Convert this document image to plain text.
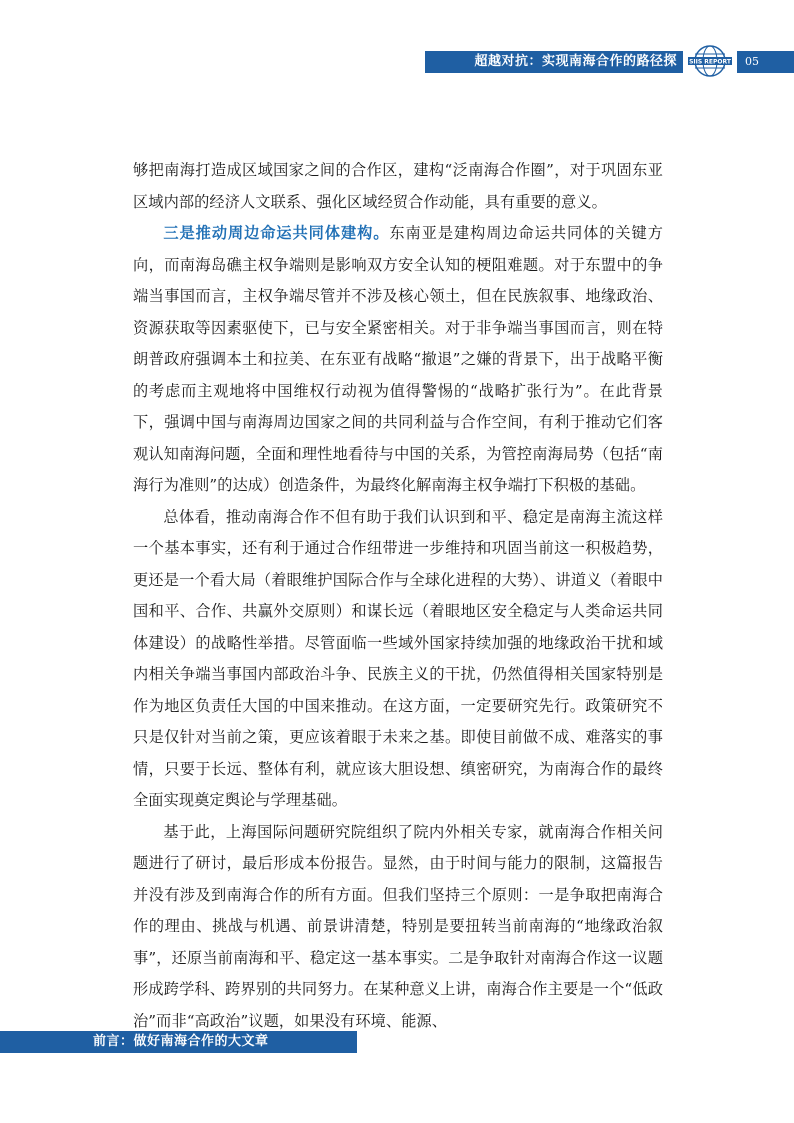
超越对抗：实现南海合作的路径探 SIIS REPORT	05

够把南海打造成区域国家之间的合作区，建构“泛南海合作圈”，对于巩固东亚区域内部的经济人文联系、强化区域经贸合作动能，具有重要的意义。

三是推动周边命运共同体建构。东南亚是建构周边命运共同体的关键方向，而南海岛礁主权争端则是影响双方安全认知的梗阻难题。对于东盟中的争端当事国而言，主权争端尽管并不涉及核心领土，但在民族叙事、地缘政治、资源获取等因素驱使下，已与安全紧密相关。对于非争端当事国而言，则在特朗普政府强调本土和拉美、在东亚有战略“撤退”之嫌的背景下，出于战略平衡的考虑而主观地将中国维权行动视为值得警惕的“战略扩张行为”。在此背景下，强调中国与南海周边国家之间的共同利益与合作空间，有利于推动它们客观认知南海问题，全面和理性地看待与中国的关系，为管控南海局势（包括“南海行为准则”的达成）创造条件，为最终化解南海主权争端打下积极的基础。

总体看，推动南海合作不但有助于我们认识到和平、稳定是南海主流这样一个基本事实，还有利于通过合作纽带进一步维持和巩固当前这一积极趋势，更还是一个看大局（着眼维护国际合作与全球化进程的大势）、讲道义（着眼中国和平、合作、共赢外交原则）和谋长远（着眼地区安全稳定与人类命运共同体建设）的战略性举措。尽管面临一些域外国家持续加强的地缘政治干扰和域内相关争端当事国内部政治斗争、民族主义的干扰，仍然值得相关国家特别是作为地区负责任大国的中国来推动。在这方面，一定要研究先行。政策研究不只是仅针对当前之策，更应该着眼于未来之基。即使目前做不成、难落实的事情，只要于长远、整体有利，就应该大胆设想、缜密研究，为南海合作的最终全面实现奠定舆论与学理基础。

基于此，上海国际问题研究院组织了院内外相关专家，就南海合作相关问题进行了研讨，最后形成本份报告。显然，由于时间与能力的限制，这篇报告并没有涉及到南海合作的所有方面。但我们坚持三个原则：一是争取把南海合作的理由、挑战与机遇、前景讲清楚，特别是要扭转当前南海的“地缘政治叙事”，还原当前南海和平、稳定这一基本事实。二是争取针对南海合作这一议题形成跨学科、跨界别的共同努力。在某种意义上讲，南海合作主要是一个“低政治”而非“高政治”议题，如果没有环境、能源、

前言：做好南海合作的大文章
